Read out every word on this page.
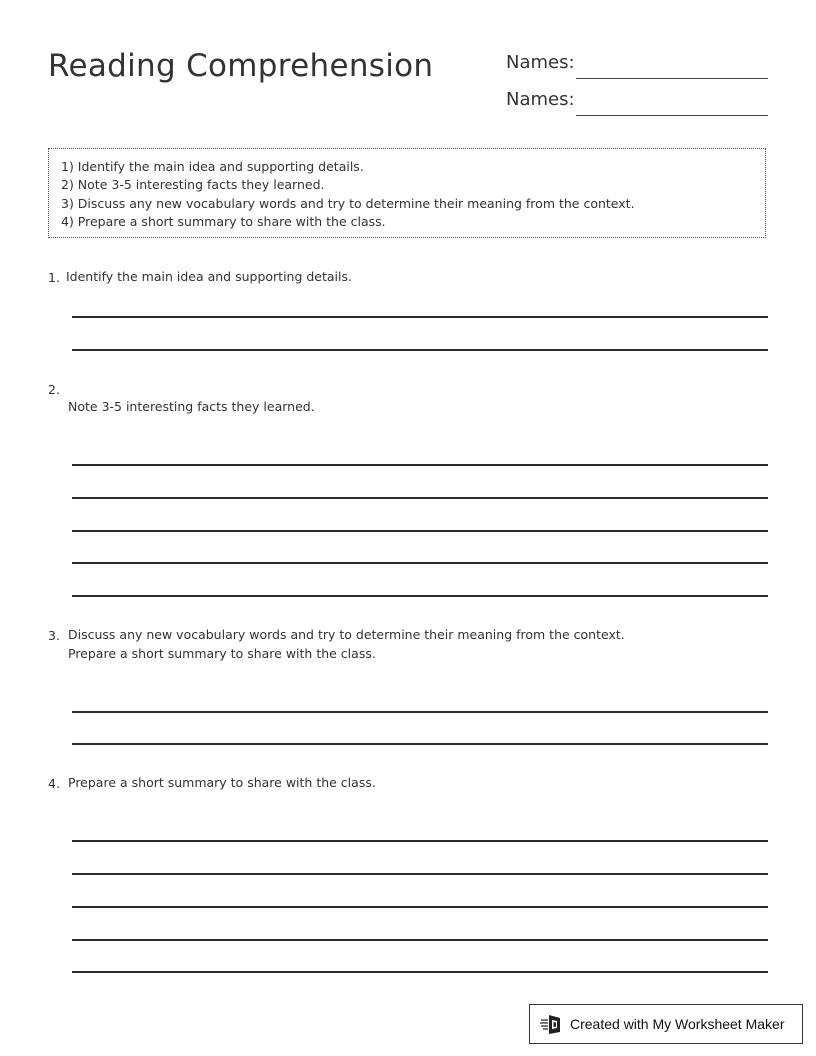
Reading Comprehension	Names:
Names:
1) Identify the main idea and supporting details.
2) Note 3-5 interesting facts they learned.
3) Discuss any new vocabulary words and try to determine their meaning from the context.
4) Prepare a short summary to share with the class.
1. Identify the main idea and supporting details.
2.
Note 3-5 interesting facts they learned.
3. Discuss any new vocabulary words and try to determine their meaning from the context.
Prepare a short summary to share with the class.
4. Prepare a short summary to share with the class.
Created with My Worksheet Maker
